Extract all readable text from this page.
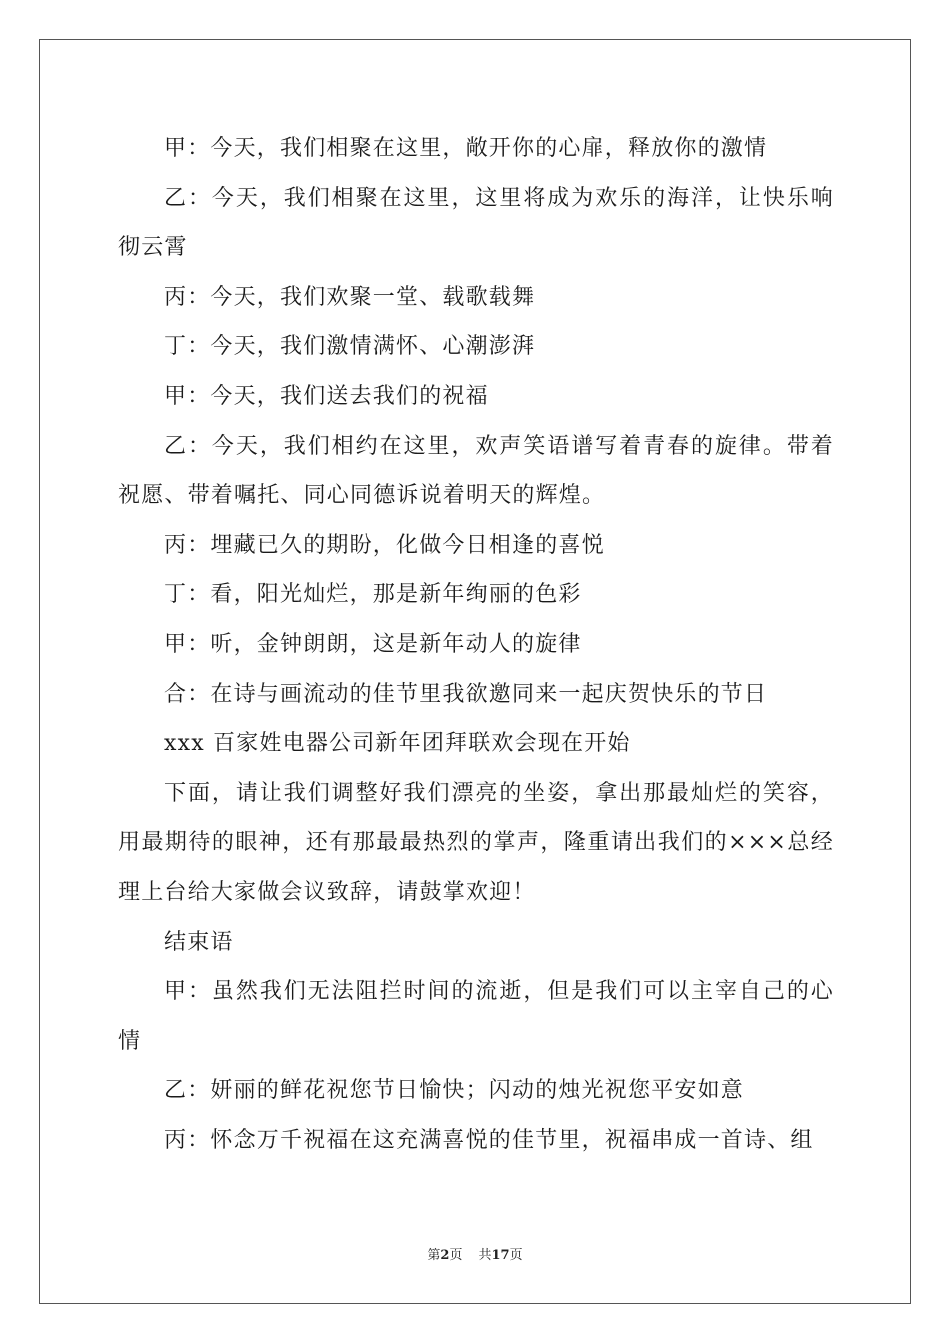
甲：今天，我们相聚在这里，敞开你的心扉，释放你的激情

乙：今天，我们相聚在这里，这里将成为欢乐的海洋，让快乐响彻云霄

丙：今天，我们欢聚一堂、载歌载舞

丁：今天，我们激情满怀、心潮澎湃

甲：今天，我们送去我们的祝福

乙：今天，我们相约在这里，欢声笑语谱写着青春的旋律。带着祝愿、带着嘱托、同心同德诉说着明天的辉煌。

丙：埋藏已久的期盼，化做今日相逢的喜悦

丁：看，阳光灿烂，那是新年绚丽的色彩

甲：听，金钟朗朗，这是新年动人的旋律

合：在诗与画流动的佳节里我欲邀同来一起庆贺快乐的节日

xxx 百家姓电器公司新年团拜联欢会现在开始

下面，请让我们调整好我们漂亮的坐姿，拿出那最灿烂的笑容，用最期待的眼神，还有那最最热烈的掌声，隆重请出我们的×××总经理上台给大家做会议致辞，请鼓掌欢迎！

结束语

甲：虽然我们无法阻拦时间的流逝，但是我们可以主宰自己的心情

乙：妍丽的鲜花祝您节日愉快；闪动的烛光祝您平安如意

丙：怀念万千祝福在这充满喜悦的佳节里，祝福串成一首诗、组

第2页 共17页
